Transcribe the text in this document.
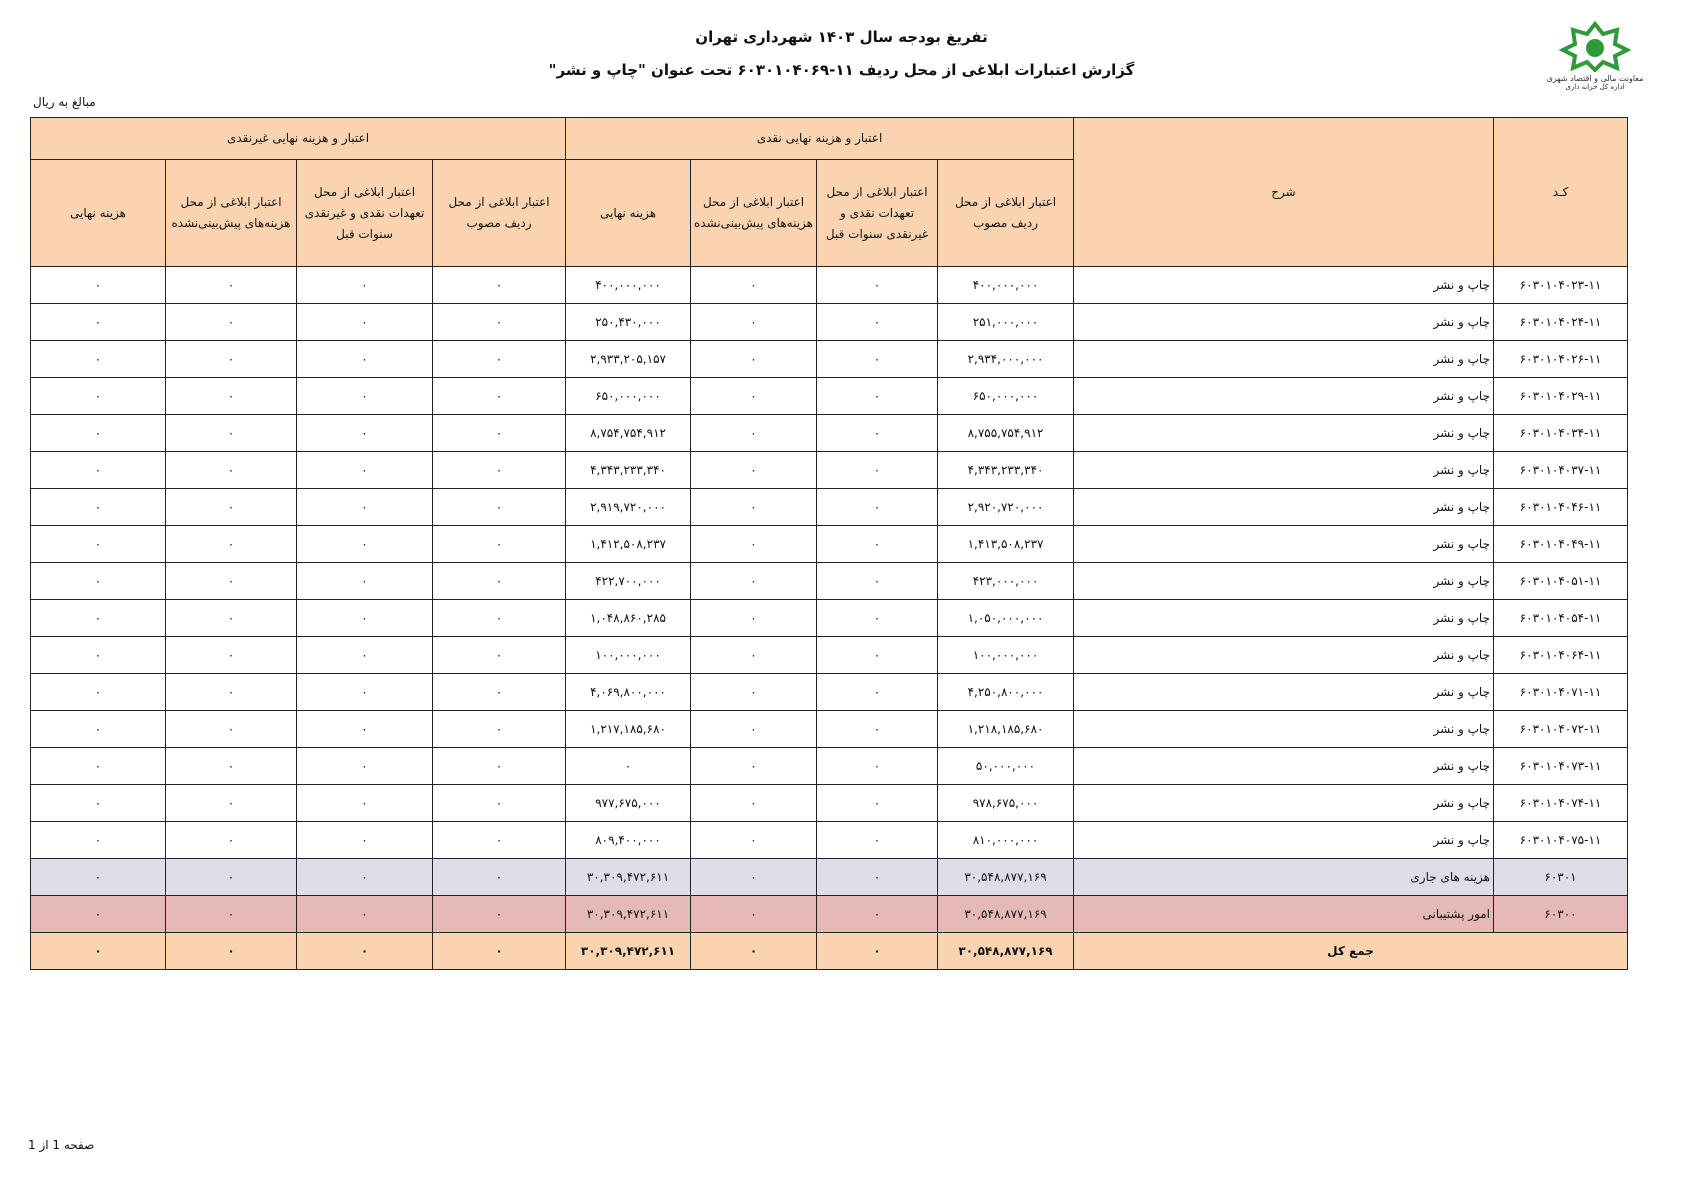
تفریغ بودجه سال ۱۴۰۳ شهرداری تهران
گزارش اعتبارات ابلاغی از محل ردیف ۱۱-۶۰۳۰۱۰۴۰۶۹ تحت عنوان "چاپ و نشر"	معاونت مالی و اقتصاد شهری
اداره کل خزانه داری
مبالغ به ریال
کـد	شرح	اعتبار و هزینه نهایی نقدی				اعتبار و هزینه نهایی غیرنقدی			
		اعتبار ابلاغی از محل ردیف مصوب	اعتبار ابلاغی از محل تعهدات نقدی و غیرنقدی سنوات قبل	اعتبار ابلاغی از محل هزینه‌های پیش‌بینی‌نشده	هزینه نهایی	اعتبار ابلاغی از محل ردیف مصوب	اعتبار ابلاغی از محل تعهدات نقدی و غیرنقدی سنوات قبل	اعتبار ابلاغی از محل هزینه‌های پیش‌بینی‌نشده	هزینه نهایی
۶۰۳۰۱۰۴۰۲۳-۱۱	چاپ و نشر	۴۰۰,۰۰۰,۰۰۰	۰	۰	۴۰۰,۰۰۰,۰۰۰	۰	۰	۰	۰
۶۰۳۰۱۰۴۰۲۴-۱۱	چاپ و نشر	۲۵۱,۰۰۰,۰۰۰	۰	۰	۲۵۰,۴۳۰,۰۰۰	۰	۰	۰	۰
۶۰۳۰۱۰۴۰۲۶-۱۱	چاپ و نشر	۲,۹۳۴,۰۰۰,۰۰۰	۰	۰	۲,۹۳۳,۲۰۵,۱۵۷	۰	۰	۰	۰
۶۰۳۰۱۰۴۰۲۹-۱۱	چاپ و نشر	۶۵۰,۰۰۰,۰۰۰	۰	۰	۶۵۰,۰۰۰,۰۰۰	۰	۰	۰	۰
۶۰۳۰۱۰۴۰۳۴-۱۱	چاپ و نشر	۸,۷۵۵,۷۵۴,۹۱۲	۰	۰	۸,۷۵۴,۷۵۴,۹۱۲	۰	۰	۰	۰
۶۰۳۰۱۰۴۰۳۷-۱۱	چاپ و نشر	۴,۳۴۳,۲۳۳,۳۴۰	۰	۰	۴,۳۴۳,۲۳۳,۳۴۰	۰	۰	۰	۰
۶۰۳۰۱۰۴۰۴۶-۱۱	چاپ و نشر	۲,۹۲۰,۷۲۰,۰۰۰	۰	۰	۲,۹۱۹,۷۲۰,۰۰۰	۰	۰	۰	۰
۶۰۳۰۱۰۴۰۴۹-۱۱	چاپ و نشر	۱,۴۱۳,۵۰۸,۲۳۷	۰	۰	۱,۴۱۲,۵۰۸,۲۳۷	۰	۰	۰	۰
۶۰۳۰۱۰۴۰۵۱-۱۱	چاپ و نشر	۴۲۳,۰۰۰,۰۰۰	۰	۰	۴۲۲,۷۰۰,۰۰۰	۰	۰	۰	۰
۶۰۳۰۱۰۴۰۵۴-۱۱	چاپ و نشر	۱,۰۵۰,۰۰۰,۰۰۰	۰	۰	۱,۰۴۸,۸۶۰,۲۸۵	۰	۰	۰	۰
۶۰۳۰۱۰۴۰۶۴-۱۱	چاپ و نشر	۱۰۰,۰۰۰,۰۰۰	۰	۰	۱۰۰,۰۰۰,۰۰۰	۰	۰	۰	۰
۶۰۳۰۱۰۴۰۷۱-۱۱	چاپ و نشر	۴,۲۵۰,۸۰۰,۰۰۰	۰	۰	۴,۰۶۹,۸۰۰,۰۰۰	۰	۰	۰	۰
۶۰۳۰۱۰۴۰۷۲-۱۱	چاپ و نشر	۱,۲۱۸,۱۸۵,۶۸۰	۰	۰	۱,۲۱۷,۱۸۵,۶۸۰	۰	۰	۰	۰
۶۰۳۰۱۰۴۰۷۳-۱۱	چاپ و نشر	۵۰,۰۰۰,۰۰۰	۰	۰	۰	۰	۰	۰	۰
۶۰۳۰۱۰۴۰۷۴-۱۱	چاپ و نشر	۹۷۸,۶۷۵,۰۰۰	۰	۰	۹۷۷,۶۷۵,۰۰۰	۰	۰	۰	۰
۶۰۳۰۱۰۴۰۷۵-۱۱	چاپ و نشر	۸۱۰,۰۰۰,۰۰۰	۰	۰	۸۰۹,۴۰۰,۰۰۰	۰	۰	۰	۰
۶۰۳۰۱	هزینه های جاری	۳۰,۵۴۸,۸۷۷,۱۶۹	۰	۰	۳۰,۳۰۹,۴۷۲,۶۱۱	۰	۰	۰	۰
۶۰۳۰۰	امور پشتیبانی	۳۰,۵۴۸,۸۷۷,۱۶۹	۰	۰	۳۰,۳۰۹,۴۷۲,۶۱۱	۰	۰	۰	۰
جمع کل		۳۰,۵۴۸,۸۷۷,۱۶۹	۰	۰	۳۰,۳۰۹,۴۷۲,۶۱۱	۰	۰	۰	۰
صفحه 1 از 1
